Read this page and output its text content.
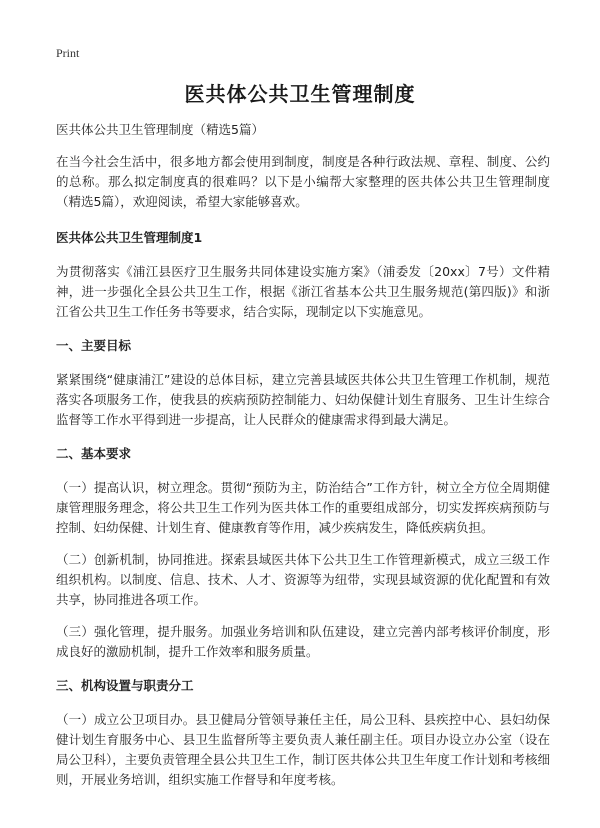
Print
医共体公共卫生管理制度

医共体公共卫生管理制度（精选5篇）

在当今社会生活中，很多地方都会使用到制度，制度是各种行政法规、章程、制度、公约的总称。那么拟定制度真的很难吗？以下是小编帮大家整理的医共体公共卫生管理制度（精选5篇），欢迎阅读，希望大家能够喜欢。

医共体公共卫生管理制度1

为贯彻落实《浦江县医疗卫生服务共同体建设实施方案》（浦委发〔20xx〕7号）文件精神，进一步强化全县公共卫生工作，根据《浙江省基本公共卫生服务规范(第四版)》和浙江省公共卫生工作任务书等要求，结合实际，现制定以下实施意见。

一、主要目标

紧紧围绕“健康浦江”建设的总体目标，建立完善县域医共体公共卫生管理工作机制，规范落实各项服务工作，使我县的疾病预防控制能力、妇幼保健计划生育服务、卫生计生综合监督等工作水平得到进一步提高，让人民群众的健康需求得到最大满足。

二、基本要求

（一）提高认识，树立理念。贯彻“预防为主，防治结合”工作方针，树立全方位全周期健康管理服务理念，将公共卫生工作列为医共体工作的重要组成部分，切实发挥疾病预防与控制、妇幼保健、计划生育、健康教育等作用，减少疾病发生，降低疾病负担。

（二）创新机制，协同推进。探索县域医共体下公共卫生工作管理新模式，成立三级工作组织机构。以制度、信息、技术、人才、资源等为纽带，实现县域资源的优化配置和有效共享，协同推进各项工作。

（三）强化管理，提升服务。加强业务培训和队伍建设，建立完善内部考核评价制度，形成良好的激励机制，提升工作效率和服务质量。

三、机构设置与职责分工

（一）成立公卫项目办。县卫健局分管领导兼任主任，局公卫科、县疾控中心、县妇幼保健计划生育服务中心、县卫生监督所等主要负责人兼任副主任。项目办设立办公室（设在局公卫科），主要负责管理全县公共卫生工作，制订医共体公共卫生年度工作计划和考核细则，开展业务培训，组织实施工作督导和年度考核。
